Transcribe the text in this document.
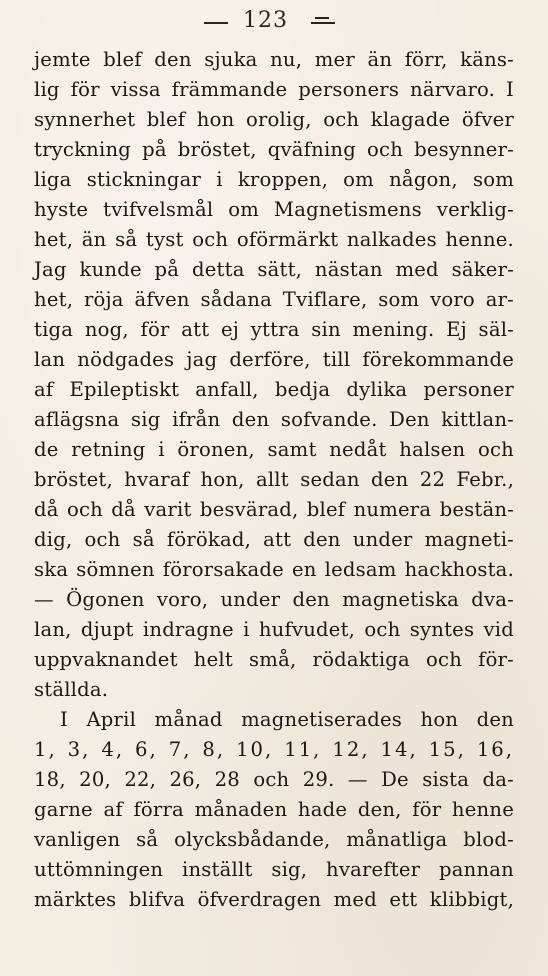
123
jemte blef den sjuka nu, mer än förr, käns-
lig för vissa främmande personers närvaro. I
synnerhet blef hon orolig, och klagade öfver
tryckning på bröstet, qväfning och besynner-
liga stickningar i kroppen, om någon, som
hyste tvifvelsmål om Magnetismens verklig-
het, än så tyst och oförmärkt nalkades henne.
Jag kunde på detta sätt, nästan med säker-
het, röja äfven sådana Tviflare, som voro ar-
tiga nog, för att ej yttra sin mening. Ej säl-
lan nödgades jag derföre, till förekommande
af Epileptiskt anfall, bedja dylika personer
aflägsna sig ifrån den sofvande. Den kittlan-
de retning i öronen, samt nedåt halsen och
bröstet, hvaraf hon, allt sedan den 22 Febr.,
då och då varit besvärad, blef numera bestän-
dig, och så förökad, att den under magneti-
ska sömnen förorsakade en ledsam hackhosta.
— Ögonen voro, under den magnetiska dva-
lan, djupt indragne i hufvudet, och syntes vid
uppvaknandet helt små, rödaktiga och för-
ställda.
I April månad magnetiserades hon den
1, 3, 4, 6, 7, 8, 10, 11, 12, 14, 15, 16,
18, 20, 22, 26, 28 och 29. — De sista da-
garne af förra månaden hade den, för henne
vanligen så olycksbådande, månatliga blod-
uttömningen inställt sig, hvarefter pannan
märktes blifva öfverdragen med ett klibbigt,
